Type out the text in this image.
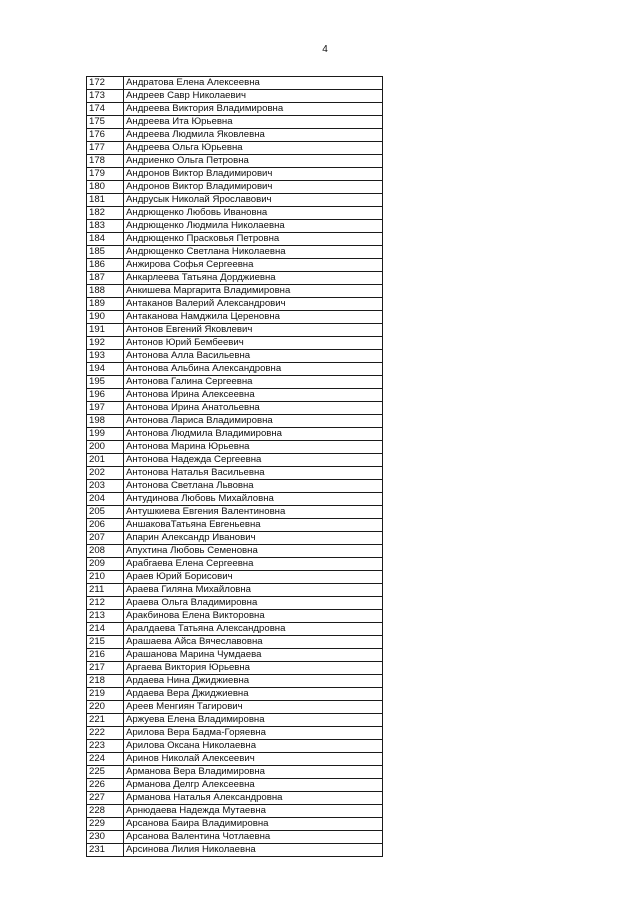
4
172	Андратова Елена Алексеевна
173	Андреев Савр Николаевич
174	Андреева Виктория Владимировна
175	Андреева Ита Юрьевна
176	Андреева Людмила Яковлевна
177	Андреева Ольга Юрьевна
178	Андриенко Ольга Петровна
179	Андронов Виктор Владимирович
180	Андронов Виктор Владимирович
181	Андрусык Николай Ярославович
182	Андрющенко Любовь Ивановна
183	Андрющенко Людмила Николаевна
184	Андрющенко Прасковья Петровна
185	Андрющенко Светлана Николаевна
186	Анжирова Софья Сергеевна
187	Анкарлеева Татьяна Дорджиевна
188	Анкишева Маргарита Владимировна
189	Антаканов Валерий Александрович
190	Антаканова Намджила Цереновна
191	Антонов Евгений Яковлевич
192	Антонов Юрий Бембеевич
193	Антонова Алла Васильевна
194	Антонова Альбина Александровна
195	Антонова Галина Сергеевна
196	Антонова Ирина Алексеевна
197	Антонова Ирина Анатольевна
198	Антонова Лариса Владимировна
199	Антонова Людмила Владимировна
200	Антонова Марина Юрьевна
201	Антонова Надежда Сергеевна
202	Антонова Наталья Васильевна
203	Антонова Светлана Львовна
204	Антудинова Любовь Михайловна
205	Антушкиева Евгения Валентиновна
206	АншаковаТатьяна Евгеньевна
207	Апарин Александр Иванович
208	Апухтина Любовь Семеновна
209	Арабгаева Елена Сергеевна
210	Араев Юрий Борисович
211	Араева Гиляна Михайловна
212	Араева Ольга Владимировна
213	Аракбинова Елена Викторовна
214	Аралдаева Татьяна Александровна
215	Арашаева Айса Вячеславовна
216	Арашанова Марина Чумдаева
217	Аргаева Виктория Юрьевна
218	Ардаева Нина Джиджиевна
219	Ардаева Вера Джиджиевна
220	Ареев Менгиян Тагирович
221	Аржуева Елена Владимировна
222	Арилова Вера Бадма-Горяевна
223	Арилова Оксана Николаевна
224	Аринов Николай Алексеевич
225	Арманова Вера Владимировна
226	Арманова Делгр Алексеевна
227	Арманова Наталья Александровна
228	Арнюдаева Надежда Мутаевна
229	Арсанова Баира Владимировна
230	Арсанова Валентина Чотлаевна
231	Арсинова Лилия Николаевна
